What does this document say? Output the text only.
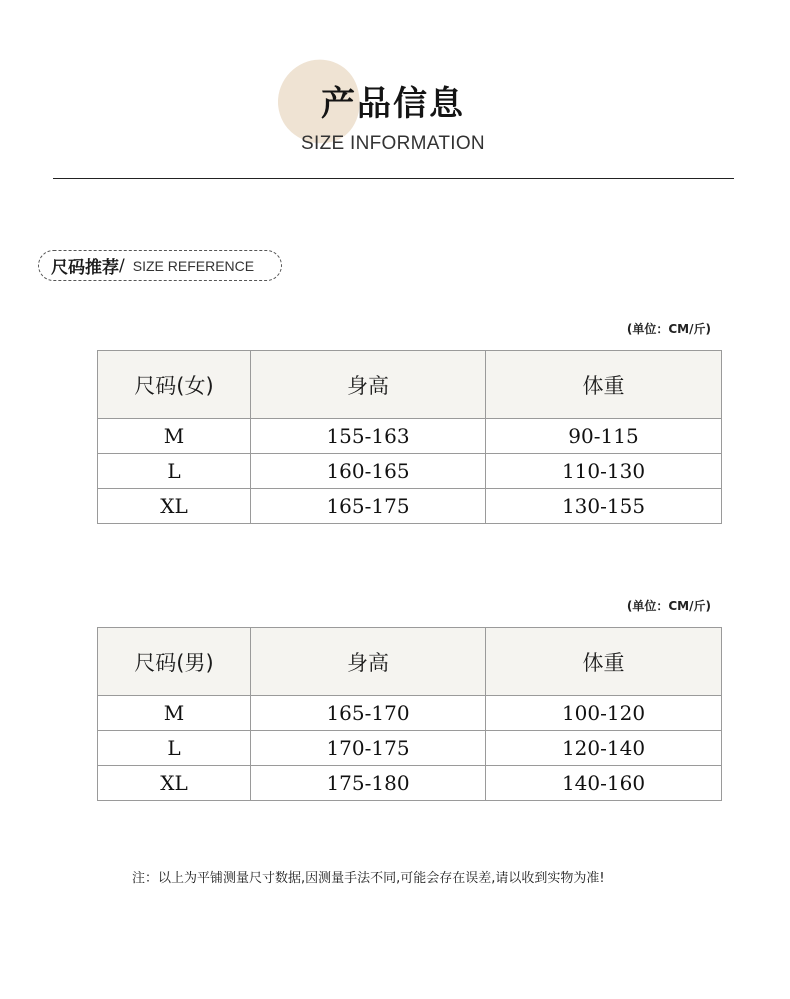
产品信息
SIZE INFORMATION
尺码推荐 / SIZE REFERENCE
(单位：CM/斤)
尺码(女)	身高	体重
M	155-163	90-115
L	160-165	110-130
XL	165-175	130-155
(单位：CM/斤)
尺码(男)	身高	体重
M	165-170	100-120
L	170-175	120-140
XL	175-180	140-160
注：以上为平铺测量尺寸数据,因测量手法不同,可能会存在误差,请以收到实物为准!
